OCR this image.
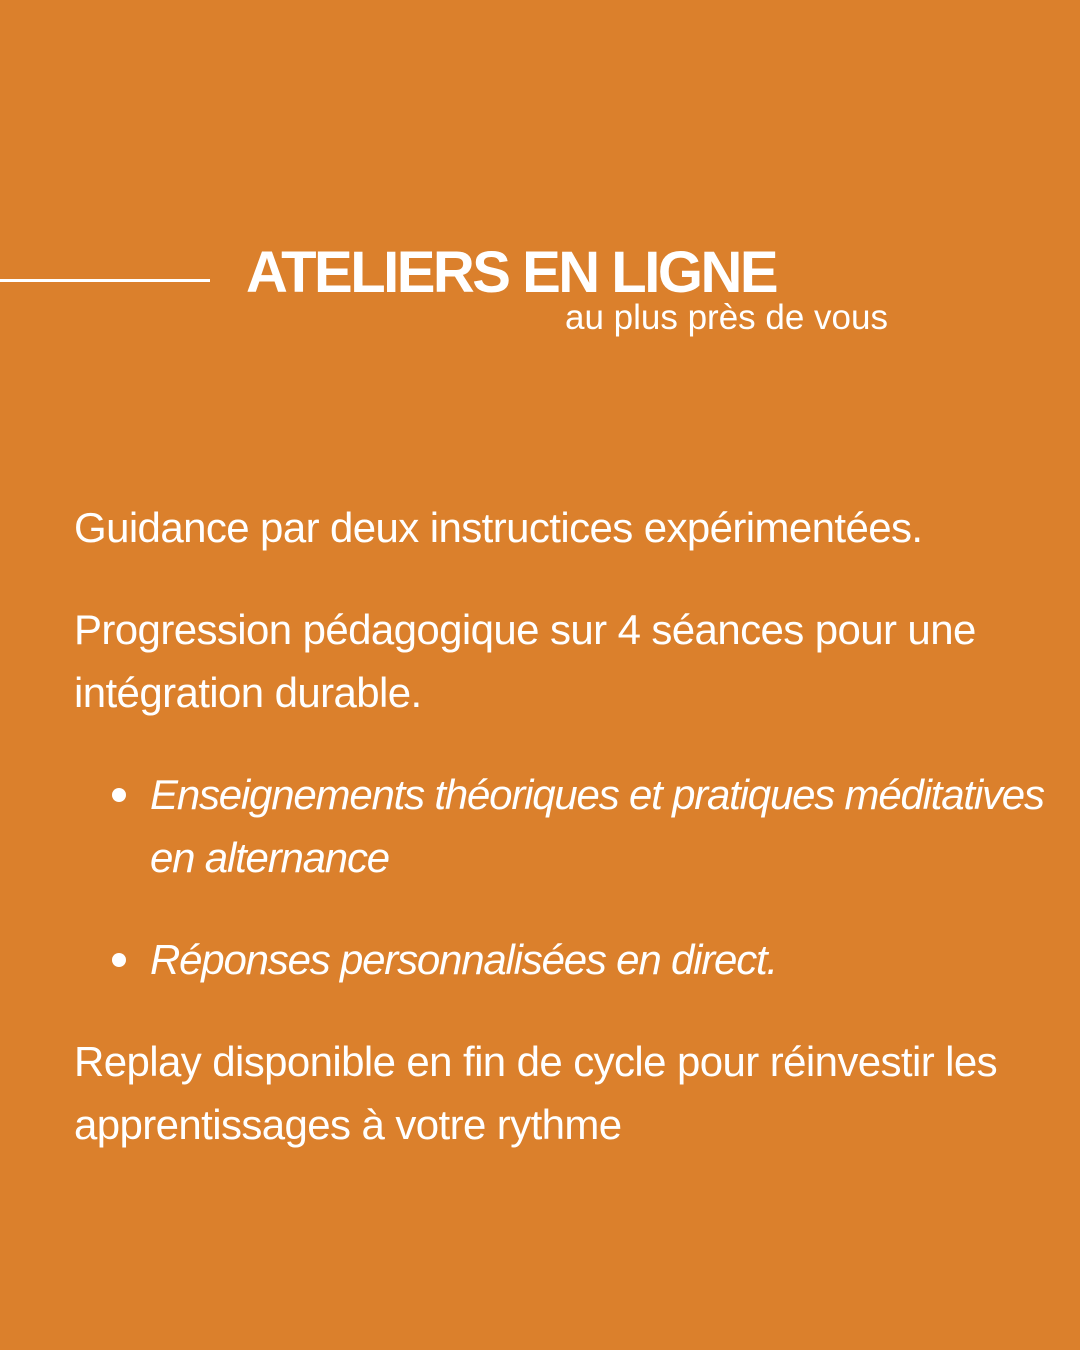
ATELIERS EN LIGNE

au plus près de vous

Guidance par deux instructices expérimentées.

Progression pédagogique sur 4 séances pour une intégration durable.

Enseignements théoriques et pratiques méditatives en alternance
Réponses personnalisées en direct.

Replay disponible en fin de cycle pour réinvestir les apprentissages à votre rythme
